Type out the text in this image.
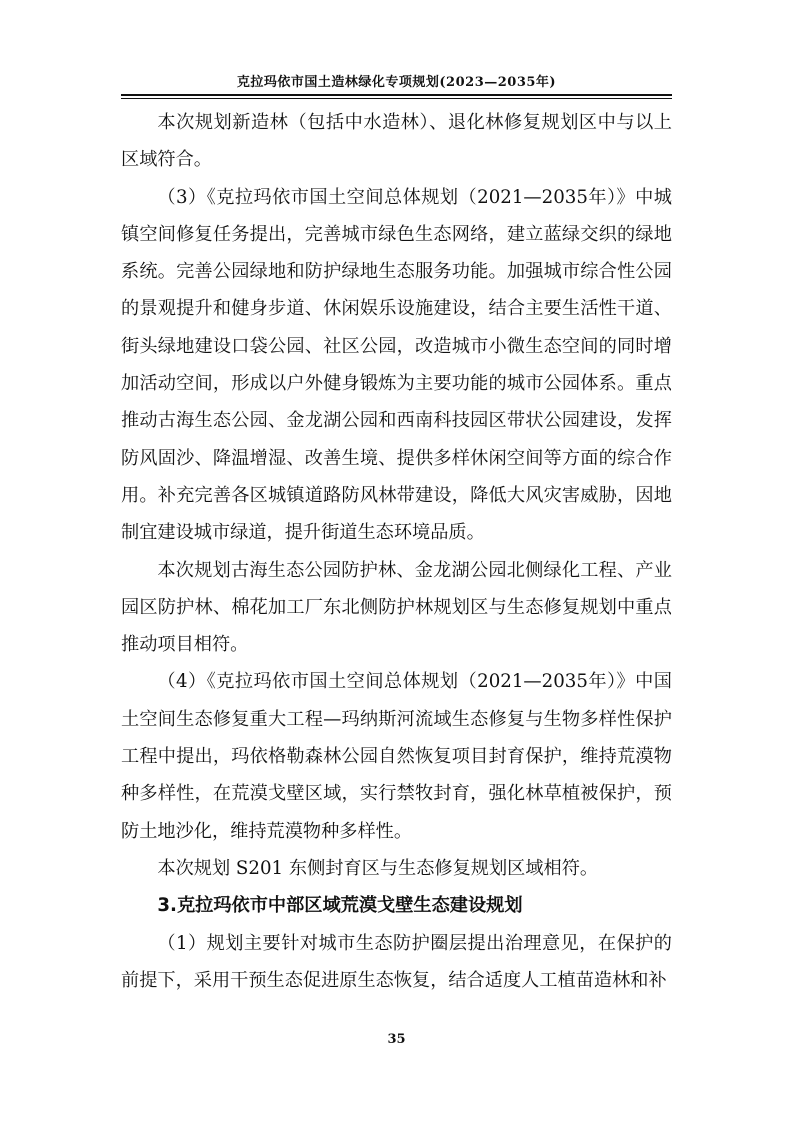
克拉玛依市国土造林绿化专项规划(2023—2035年)

本次规划新造林（包括中水造林）、退化林修复规划区中与以上区域符合。

（3）《克拉玛依市国土空间总体规划（2021—2035年）》中城镇空间修复任务提出，完善城市绿色生态网络，建立蓝绿交织的绿地系统。完善公园绿地和防护绿地生态服务功能。加强城市综合性公园的景观提升和健身步道、休闲娱乐设施建设，结合主要生活性干道、街头绿地建设口袋公园、社区公园，改造城市小微生态空间的同时增加活动空间，形成以户外健身锻炼为主要功能的城市公园体系。重点推动古海生态公园、金龙湖公园和西南科技园区带状公园建设，发挥防风固沙、降温增湿、改善生境、提供多样休闲空间等方面的综合作用。补充完善各区城镇道路防风林带建设，降低大风灾害威胁，因地制宜建设城市绿道，提升街道生态环境品质。

本次规划古海生态公园防护林、金龙湖公园北侧绿化工程、产业园区防护林、棉花加工厂东北侧防护林规划区与生态修复规划中重点推动项目相符。

（4）《克拉玛依市国土空间总体规划（2021—2035年）》中国土空间生态修复重大工程—玛纳斯河流域生态修复与生物多样性保护工程中提出，玛依格勒森林公园自然恢复项目封育保护，维持荒漠物种多样性，在荒漠戈壁区域，实行禁牧封育，强化林草植被保护，预防土地沙化，维持荒漠物种多样性。

本次规划 S201 东侧封育区与生态修复规划区域相符。

3.克拉玛依市中部区域荒漠戈壁生态建设规划

（1）规划主要针对城市生态防护圈层提出治理意见，在保护的前提下，采用干预生态促进原生态恢复，结合适度人工植苗造林和补

35
